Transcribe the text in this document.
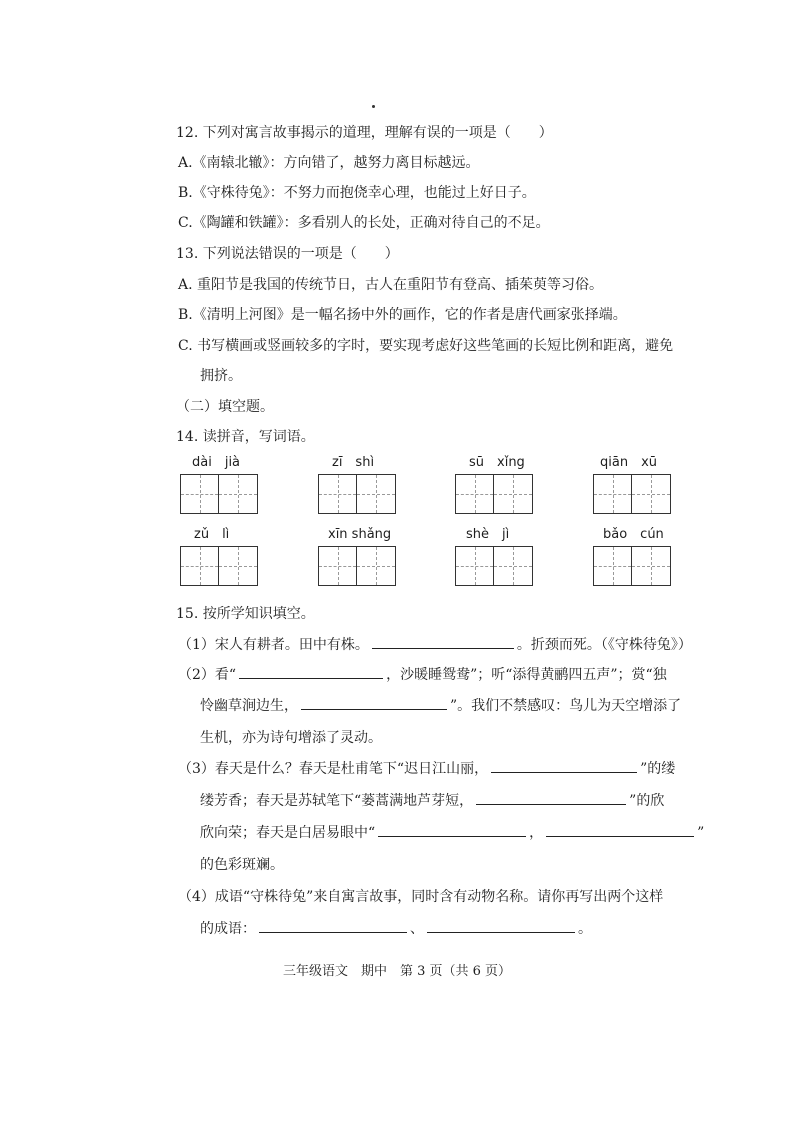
12. 下列对寓言故事揭示的道理，理解有误的一项是（　　）
A.《南辕北辙》：方向错了，越努力离目标越远。
B.《守株待兔》：不努力而抱侥幸心理，也能过上好日子。
C.《陶罐和铁罐》：多看别人的长处，正确对待自己的不足。
13. 下列说法错误的一项是（　　）
A. 重阳节是我国的传统节日，古人在重阳节有登高、插茱萸等习俗。
B.《清明上河图》是一幅名扬中外的画作，它的作者是唐代画家张择端。
C. 书写横画或竖画较多的字时，要实现考虑好这些笔画的长短比例和距离，避免
拥挤。
（二）填空题。
14. 读拼音，写词语。
dài　jià	zī　shì	sū　xǐng	qiān　xū
zǔ　lì	xīn shǎng	shè　jì	bǎo　cún
15. 按所学知识填空。
（1）宋人有耕者。田中有株。	。折颈而死。（《守株待兔》）
（2）看“	，沙暖睡鸳鸯”；听“添得黄鹂四五声”；赏“独
怜幽草涧边生，	”。我们不禁感叹：鸟儿为天空增添了
生机，亦为诗句增添了灵动。
（3）春天是什么？春天是杜甫笔下“迟日江山丽，	”的缕
缕芳香；春天是苏轼笔下“蒌蒿满地芦芽短，	”的欣
欣向荣；春天是白居易眼中“	，	”
的色彩斑斓。
（4）成语“守株待兔”来自寓言故事，同时含有动物名称。请你再写出两个这样
的成语：	、	。
三年级语文　期中　第 3 页（共 6 页）
